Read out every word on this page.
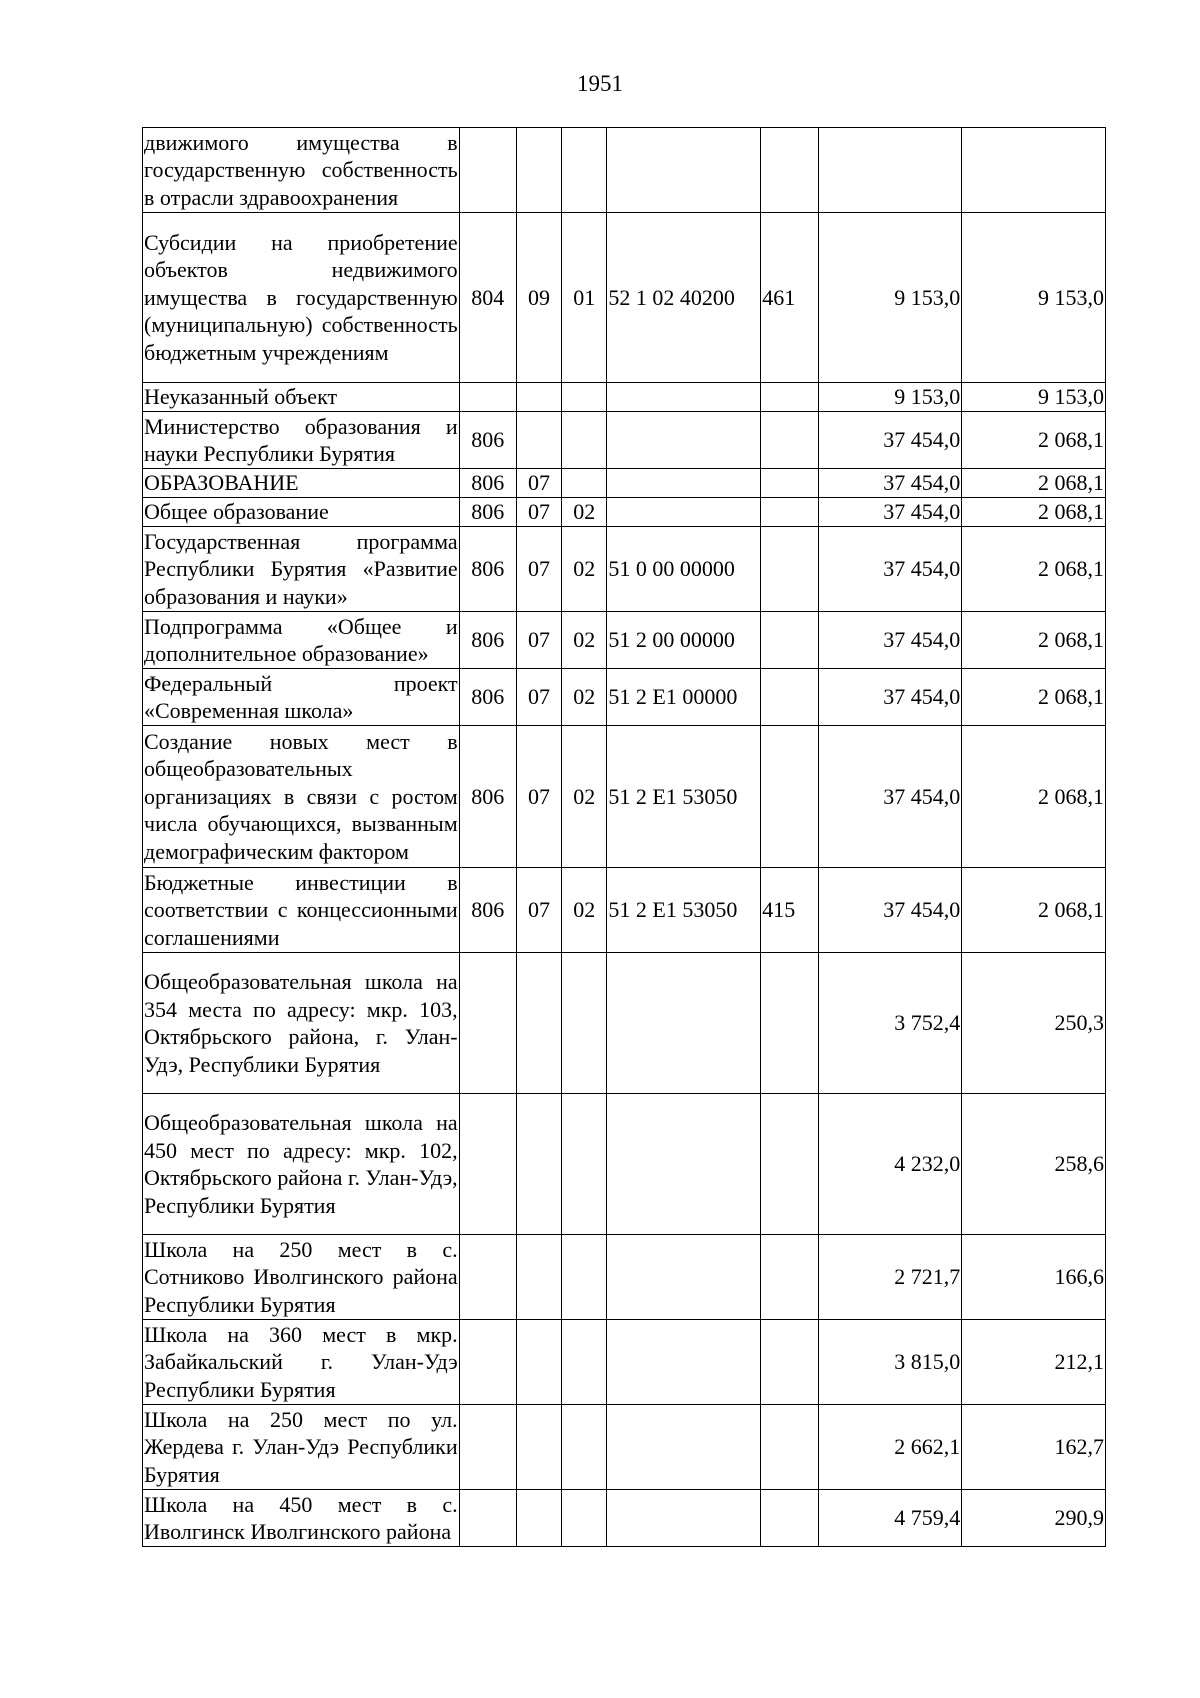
1951
движимого имущества в государственную собственность в отрасли здравоохранения							
Субсидии на приобретение объектов недвижимого имущества в государственную (муниципальную) собственность бюджетным учреждениям	804	09	01	52 1 02 40200	461	9 153,0	9 153,0
Неуказанный объект						9 153,0	9 153,0
Министерство образования и науки Республики Бурятия	806					37 454,0	2 068,1
ОБРАЗОВАНИЕ	806	07				37 454,0	2 068,1
Общее образование	806	07	02			37 454,0	2 068,1
Государственная программа Республики Бурятия «Развитие образования и науки»	806	07	02	51 0 00 00000		37 454,0	2 068,1
Подпрограмма «Общее и дополнительное образование»	806	07	02	51 2 00 00000		37 454,0	2 068,1
Федеральный проект «Современная школа»	806	07	02	51 2 E1 00000		37 454,0	2 068,1
Создание новых мест в общеобразовательных организациях в связи с ростом числа обучающихся, вызванным демографическим фактором	806	07	02	51 2 E1 53050		37 454,0	2 068,1
Бюджетные инвестиции в соответствии с концессионными соглашениями	806	07	02	51 2 E1 53050	415	37 454,0	2 068,1
Общеобразовательная школа на 354 места по адресу: мкр. 103, Октябрьского района, г. Улан-Удэ, Республики Бурятия						3 752,4	250,3
Общеобразовательная школа на 450 мест по адресу: мкр. 102, Октябрьского района г. Улан-Удэ, Республики Бурятия						4 232,0	258,6
Школа на 250 мест в с. Сотниково Иволгинского района Республики Бурятия						2 721,7	166,6
Школа на 360 мест в мкр. Забайкальский г. Улан-Удэ Республики Бурятия						3 815,0	212,1
Школа на 250 мест по ул. Жердева г. Улан-Удэ Республики Бурятия						2 662,1	162,7
Школа на 450 мест в с. Иволгинск Иволгинского района						4 759,4	290,9
